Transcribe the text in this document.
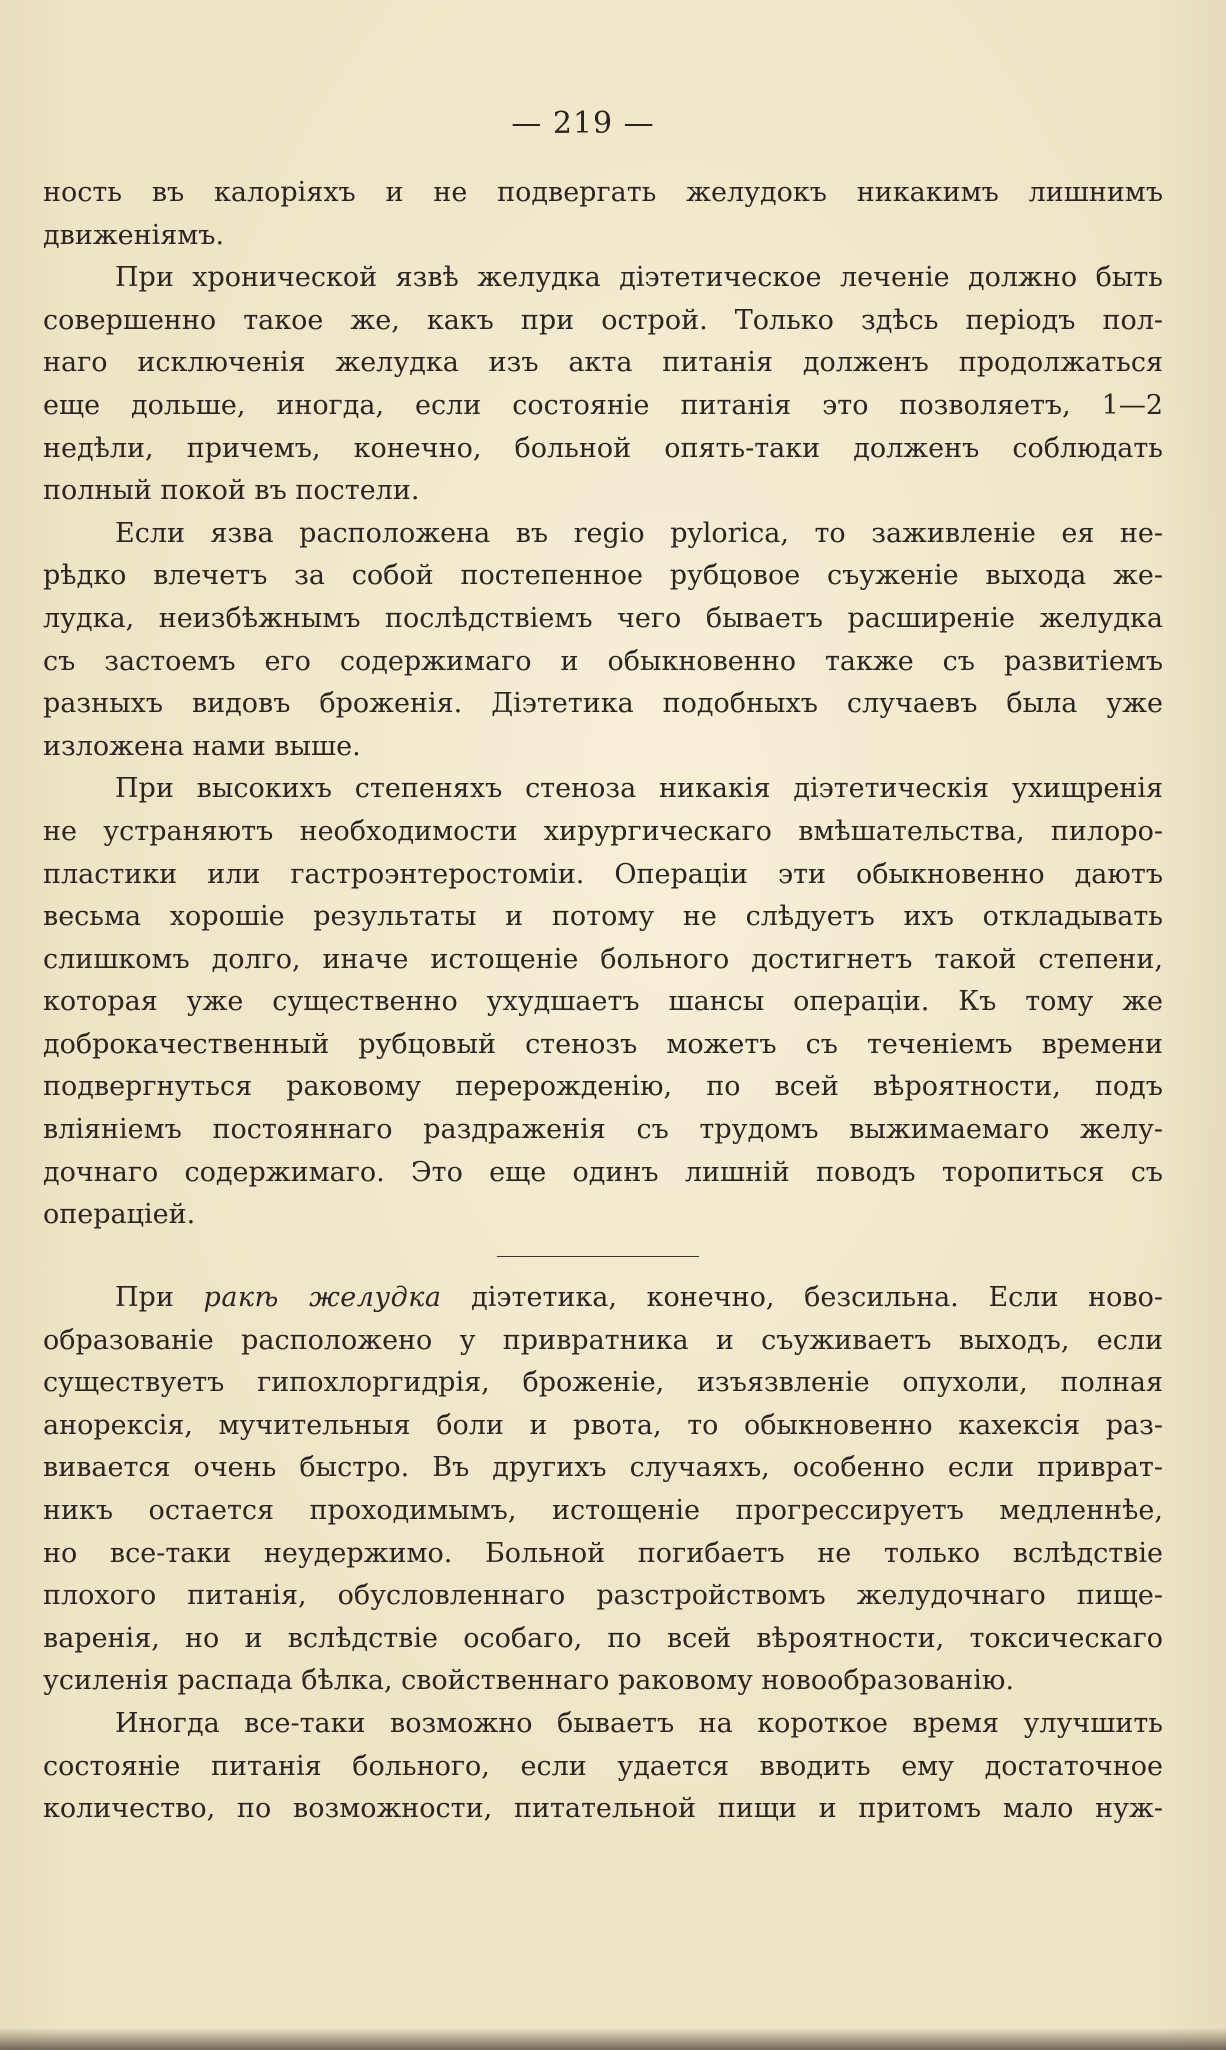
— 219 —
ность въ калоріяхъ и не подвергать желудокъ никакимъ лишнимъ
движеніямъ.
При хронической язвѣ желудка діэтетическое леченіе должно быть
совершенно такое же, какъ при острой. Только здѣсь періодъ пол-
наго исключенія желудка изъ акта питанія долженъ продолжаться
еще дольше, иногда, если состояніе питанія это позволяетъ, 1—2
недѣли, причемъ, конечно, больной опять-таки долженъ соблюдать
полный покой въ постели.
Если язва расположена въ regio pylorica, то заживленіе ея не-
рѣдко влечетъ за собой постепенное рубцовое съуженіе выхода же-
лудка, неизбѣжнымъ послѣдствіемъ чего бываетъ расширеніе желудка
съ застоемъ его содержимаго и обыкновенно также съ развитіемъ
разныхъ видовъ броженія. Діэтетика подобныхъ случаевъ была уже
изложена нами выше.
При высокихъ степеняхъ стеноза никакія діэтетическія ухищренія
не устраняютъ необходимости хирургическаго вмѣшательства, пилоро-
пластики или гастроэнтеростоміи. Операціи эти обыкновенно даютъ
весьма хорошіе результаты и потому не слѣдуетъ ихъ откладывать
слишкомъ долго, иначе истощеніе больного достигнетъ такой степени,
которая уже существенно ухудшаетъ шансы операціи. Къ тому же
доброкачественный рубцовый стенозъ можетъ съ теченіемъ времени
подвергнуться раковому перерожденію, по всей вѣроятности, подъ
вліяніемъ постояннаго раздраженія съ трудомъ выжимаемаго желу-
дочнаго содержимаго. Это еще одинъ лишній поводъ торопиться съ
операціей.
При ракѣ желудка діэтетика, конечно, безсильна. Если ново-
образованіе расположено у привратника и съуживаетъ выходъ, если
существуетъ гипохлоргидрія, броженіе, изъязвленіе опухоли, полная
анорексія, мучительныя боли и рвота, то обыкновенно кахексія раз-
вивается очень быстро. Въ другихъ случаяхъ, особенно если приврат-
никъ остается проходимымъ, истощеніе прогрессируетъ медленнѣе,
но все-таки неудержимо. Больной погибаетъ не только вслѣдствіе
плохого питанія, обусловленнаго разстройствомъ желудочнаго пище-
варенія, но и вслѣдствіе особаго, по всей вѣроятности, токсическаго
усиленія распада бѣлка, свойственнаго раковому новообразованію.
Иногда все-таки возможно бываетъ на короткое время улучшить
состояніе питанія больного, если удается вводить ему достаточное
количество, по возможности, питательной пищи и притомъ мало нуж-
